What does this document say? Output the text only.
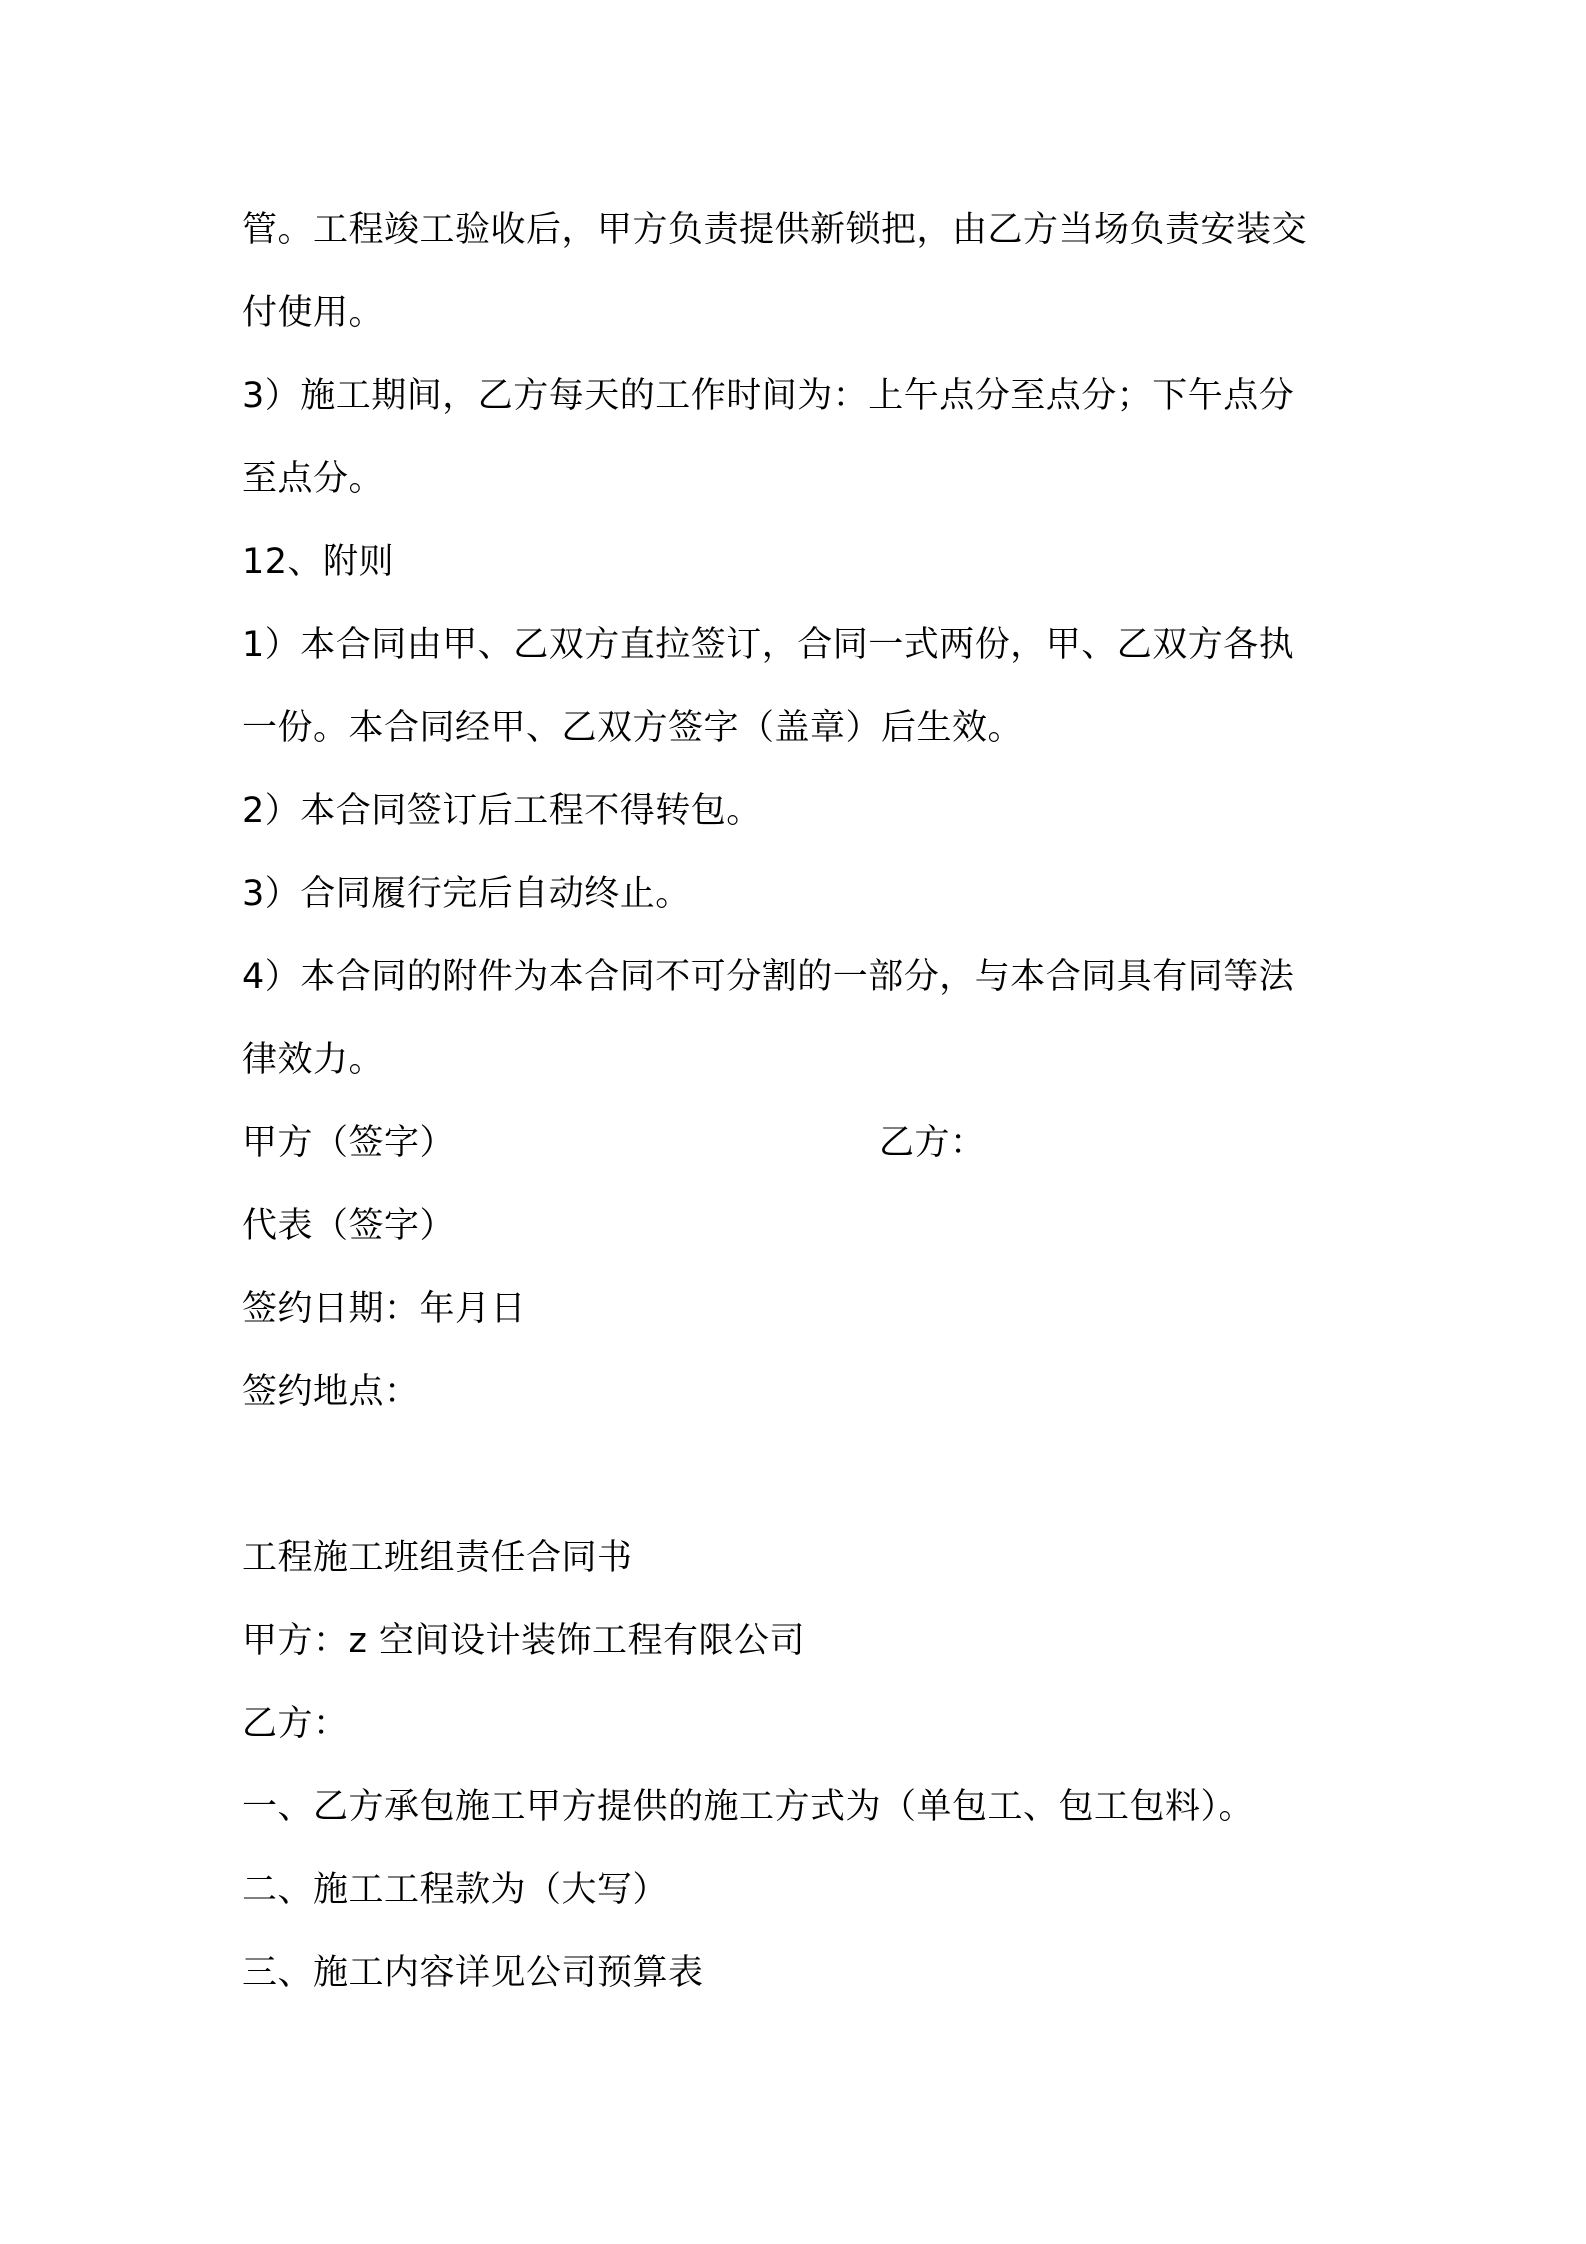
管。工程竣工验收后，甲方负责提供新锁把，由乙方当场负责安装交
付使用。
3）施工期间，乙方每天的工作时间为：上午点分至点分；下午点分
至点分。
12、附则
1）本合同由甲、乙双方直拉签订，合同一式两份，甲、乙双方各执
一份。本合同经甲、乙双方签字（盖章）后生效。
2）本合同签订后工程不得转包。
3）合同履行完后自动终止。
4）本合同的附件为本合同不可分割的一部分，与本合同具有同等法
律效力。
甲方（签字）	乙方：
代表（签字）
签约日期：年月日
签约地点：
工程施工班组责任合同书
甲方：z 空间设计装饰工程有限公司
乙方：
一、乙方承包施工甲方提供的施工方式为（单包工、包工包料）。
二、施工工程款为（大写）
三、施工内容详见公司预算表
